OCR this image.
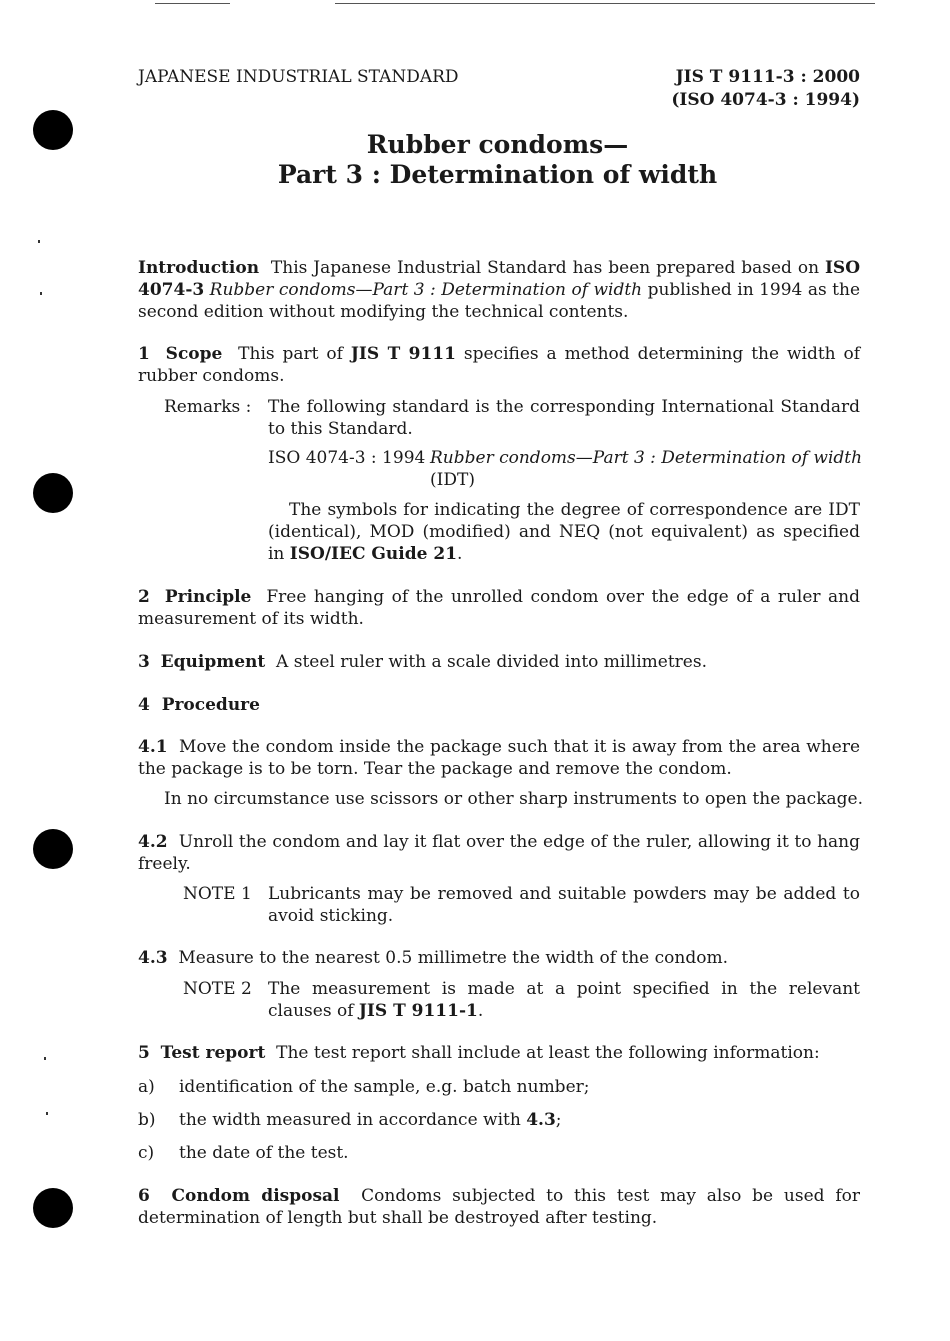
JAPANESE INDUSTRIAL STANDARD	JIS T 9111-3 : 2000
(ISO 4074-3 : 1994)
Rubber condoms—
Part 3 : Determination of width
Introduction This Japanese Industrial Standard has been prepared based on ISO 4074-3 Rubber condoms—Part 3 : Determination of width published in 1994 as the second edition without modifying the technical contents.
1 Scope This part of JIS T 9111 specifies a method determining the width of rubber condoms.
Remarks : The following standard is the corresponding International Standard to this Standard.
ISO 4074-3 : 1994 Rubber condoms—Part 3 : Determination of width
(IDT)
The symbols for indicating the degree of correspondence are IDT (identical), MOD (modified) and NEQ (not equivalent) as specified in ISO/IEC Guide 21.
2 Principle Free hanging of the unrolled condom over the edge of a ruler and measurement of its width.
3 Equipment A steel ruler with a scale divided into millimetres.
4 Procedure
4.1 Move the condom inside the package such that it is away from the area where the package is to be torn. Tear the package and remove the condom.
In no circumstance use scissors or other sharp instruments to open the package.
4.2 Unroll the condom and lay it flat over the edge of the ruler, allowing it to hang freely.
NOTE 1 Lubricants may be removed and suitable powders may be added to avoid sticking.
4.3 Measure to the nearest 0.5 millimetre the width of the condom.
NOTE 2 The measurement is made at a point specified in the relevant clauses of JIS T 9111-1.
5 Test report The test report shall include at least the following information:
a) identification of the sample, e.g. batch number;
b) the width measured in accordance with 4.3;
c) the date of the test.
6 Condom disposal Condoms subjected to this test may also be used for determination of length but shall be destroyed after testing.
